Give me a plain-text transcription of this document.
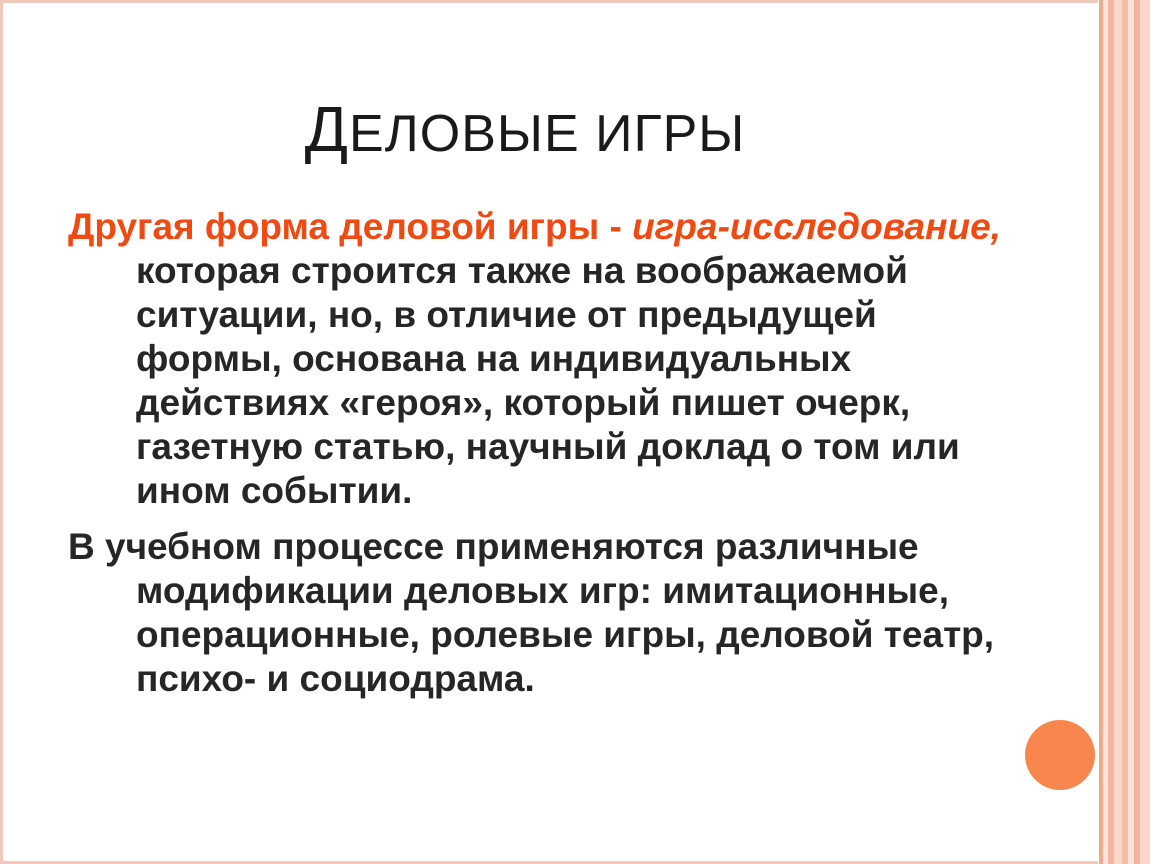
ДЕЛОВЫЕ ИГРЫ

Другая форма деловой игры - игра-исследование, которая строится также на воображаемой ситуации, но, в отличие от предыдущей формы, основана на индивидуальных действиях «героя», который пишет очерк, газетную статью, научный доклад о том или ином событии.

В учебном процессе применяются различные модификации деловых игр: имитационные, операционные, ролевые игры, деловой театр, психо- и социодрама.
